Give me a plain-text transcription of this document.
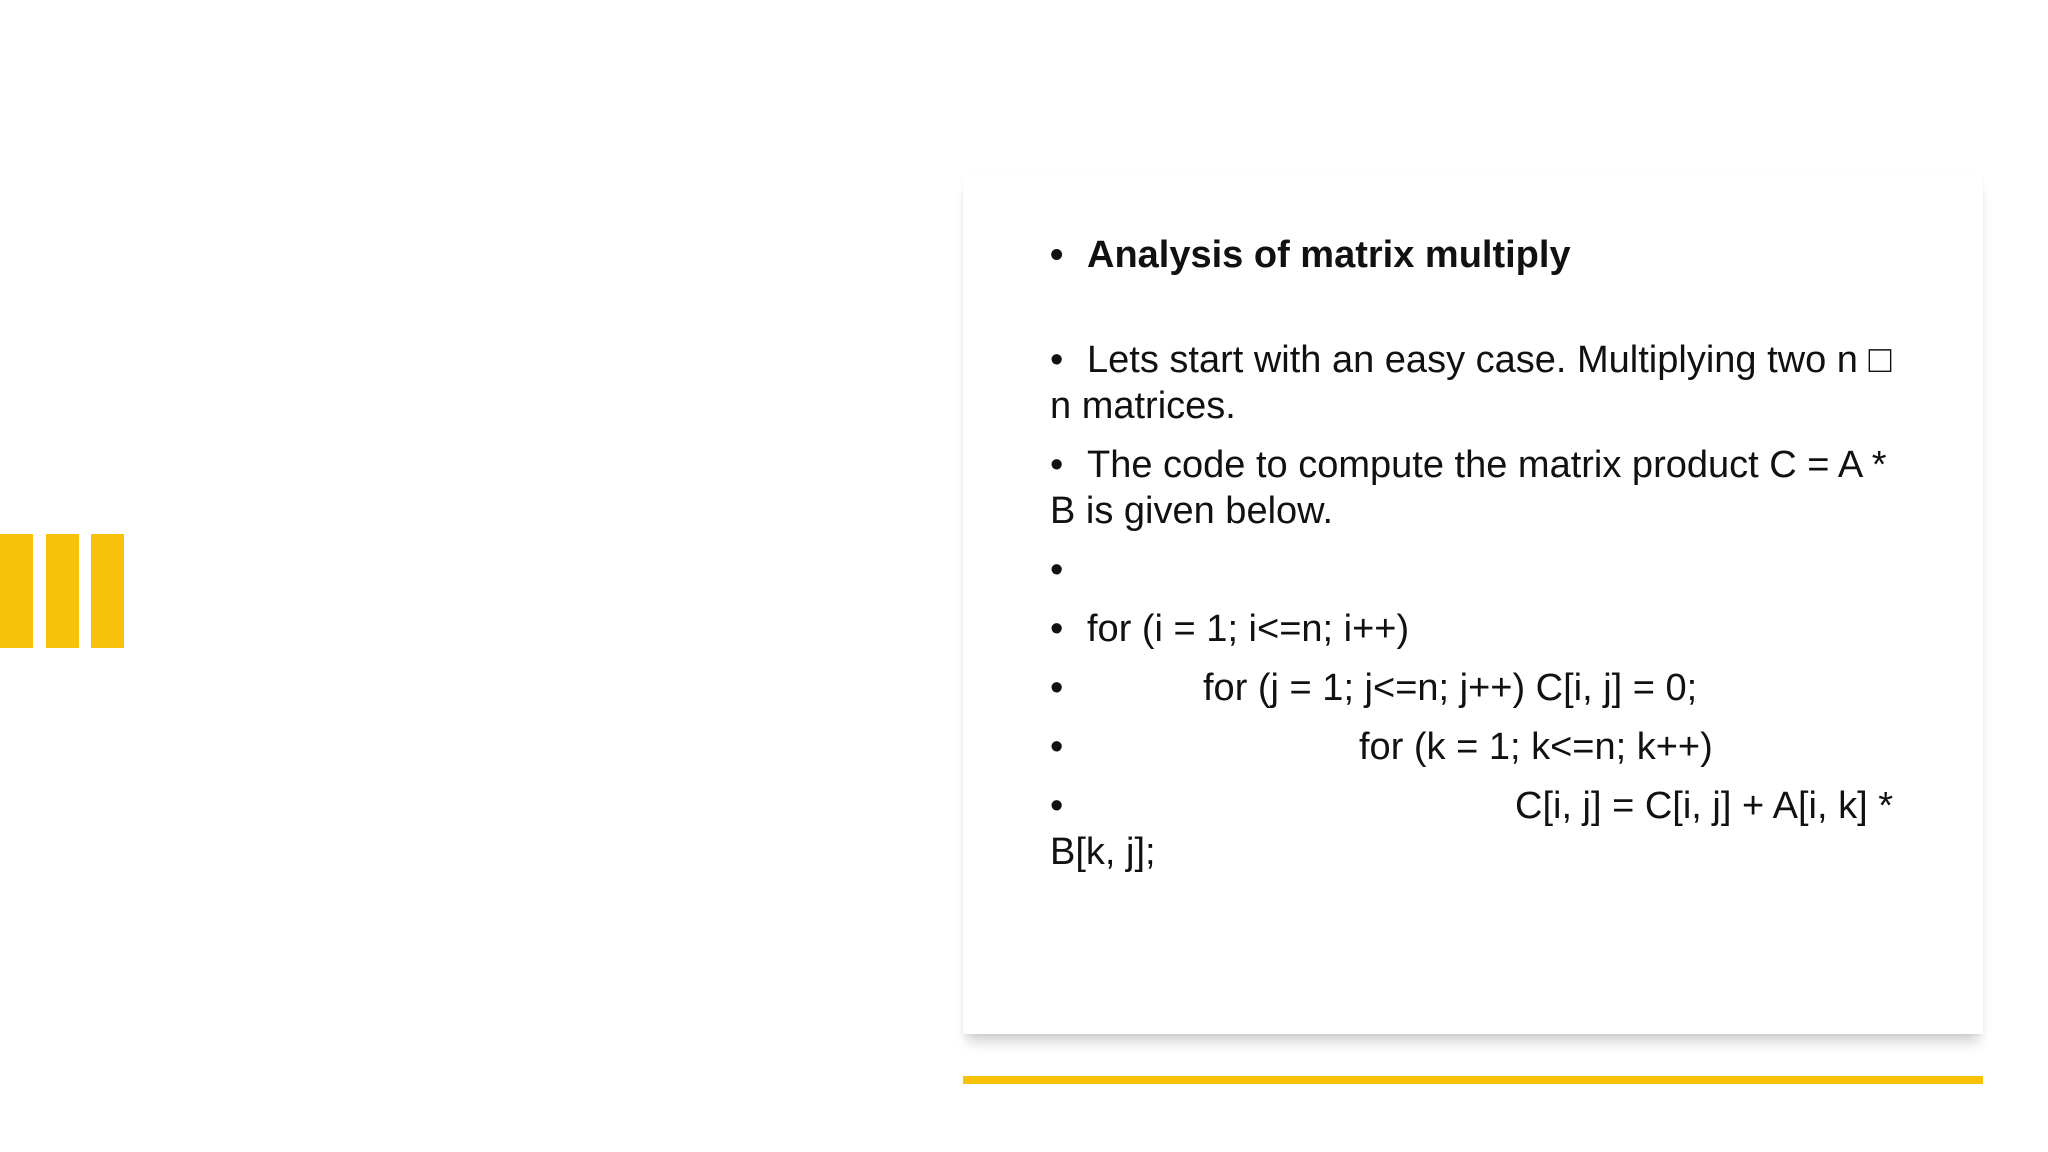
• Analysis of matrix multiply
• Lets start with an easy case. Multiplying two n □ n matrices.
• The code to compute the matrix product C = A * B is given below.
•
• for (i = 1; i<=n; i++)
•	for (j = 1; j<=n; j++) C[i, j] = 0;
•	for (k = 1; k<=n; k++)
•	C[i, j] = C[i, j] + A[i, k] * B[k, j];
